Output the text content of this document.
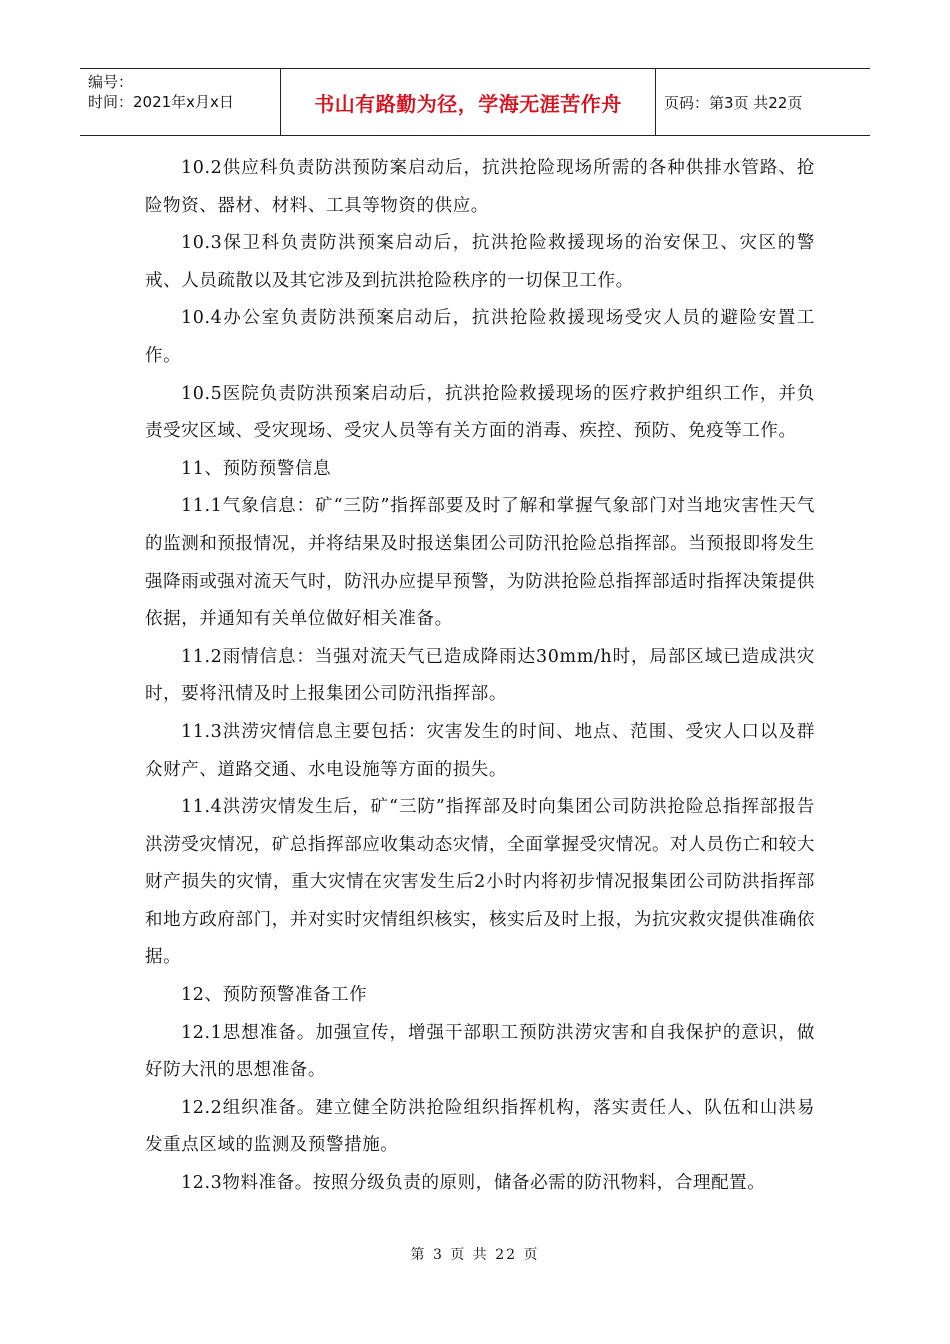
编号：
时间：2021年x月x日	书山有路勤为径，学海无涯苦作舟	页码：第3页 共22页

10.2供应科负责防洪预防案启动后，抗洪抢险现场所需的各种供排水管路、抢险物资、器材、材料、工具等物资的供应。

10.3保卫科负责防洪预案启动后，抗洪抢险救援现场的治安保卫、灾区的警戒、人员疏散以及其它涉及到抗洪抢险秩序的一切保卫工作。

10.4办公室负责防洪预案启动后，抗洪抢险救援现场受灾人员的避险安置工作。

10.5医院负责防洪预案启动后，抗洪抢险救援现场的医疗救护组织工作，并负责受灾区域、受灾现场、受灾人员等有关方面的消毒、疾控、预防、免疫等工作。

11、预防预警信息

11.1气象信息：矿“三防”指挥部要及时了解和掌握气象部门对当地灾害性天气的监测和预报情况，并将结果及时报送集团公司防汛抢险总指挥部。当预报即将发生强降雨或强对流天气时，防汛办应提早预警，为防洪抢险总指挥部适时指挥决策提供依据，并通知有关单位做好相关准备。

11.2雨情信息：当强对流天气已造成降雨达30mm/h时，局部区域已造成洪灾时，要将汛情及时上报集团公司防汛指挥部。

11.3洪涝灾情信息主要包括：灾害发生的时间、地点、范围、受灾人口以及群众财产、道路交通、水电设施等方面的损失。

11.4洪涝灾情发生后，矿“三防”指挥部及时向集团公司防洪抢险总指挥部报告洪涝受灾情况，矿总指挥部应收集动态灾情，全面掌握受灾情况。对人员伤亡和较大财产损失的灾情，重大灾情在灾害发生后2小时内将初步情况报集团公司防洪指挥部和地方政府部门，并对实时灾情组织核实，核实后及时上报，为抗灾救灾提供准确依据。

12、预防预警准备工作

12.1思想准备。加强宣传，增强干部职工预防洪涝灾害和自我保护的意识，做好防大汛的思想准备。

12.2组织准备。建立健全防洪抢险组织指挥机构，落实责任人、队伍和山洪易发重点区域的监测及预警措施。

12.3物料准备。按照分级负责的原则，储备必需的防汛物料，合理配置。

第 3 页 共 22 页
